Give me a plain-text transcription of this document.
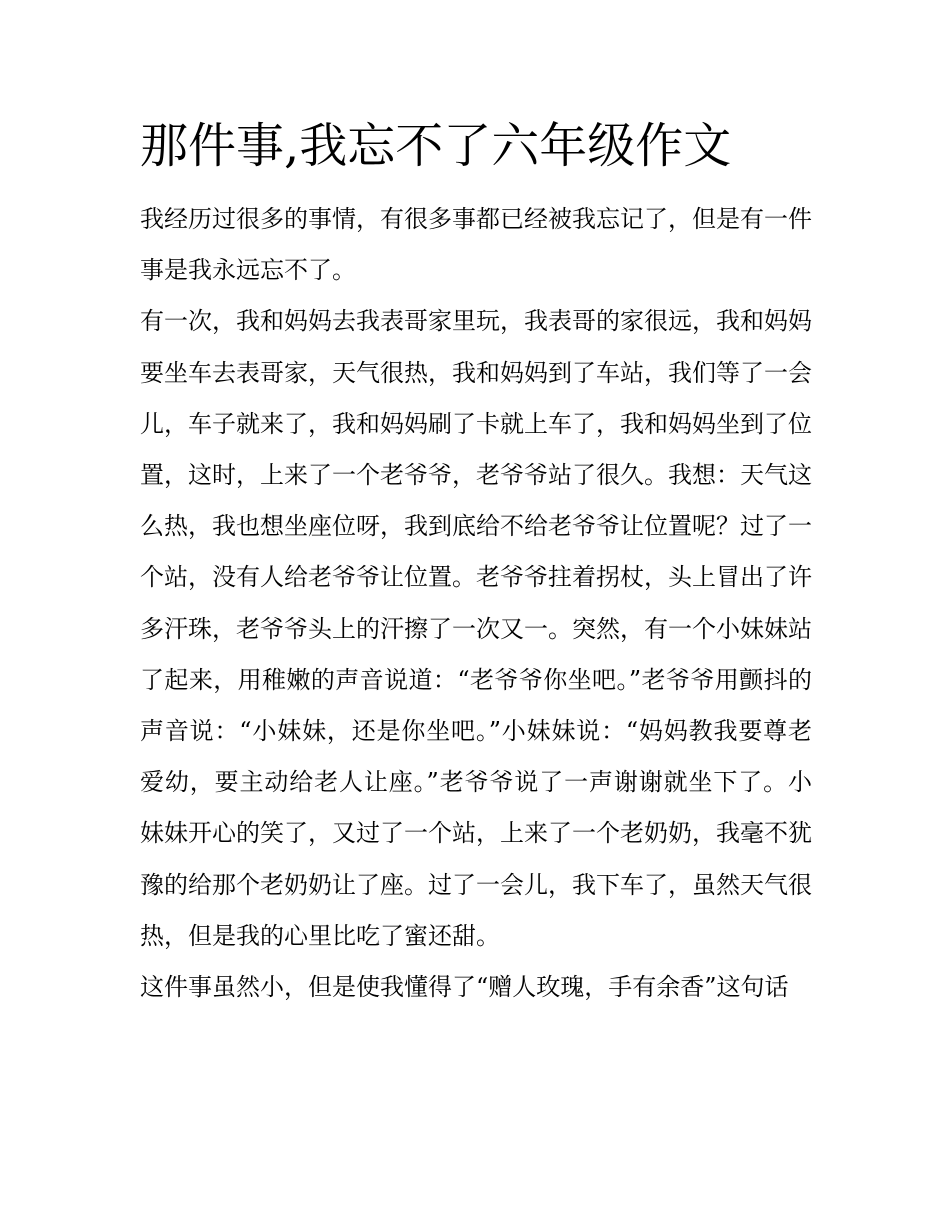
那件事,我忘不了六年级作文

我经历过很多的事情，有很多事都已经被我忘记了，但是有一件事是我永远忘不了。

有一次，我和妈妈去我表哥家里玩，我表哥的家很远，我和妈妈要坐车去表哥家，天气很热，我和妈妈到了车站，我们等了一会儿，车子就来了，我和妈妈刷了卡就上车了，我和妈妈坐到了位置，这时，上来了一个老爷爷，老爷爷站了很久。我想：天气这么热，我也想坐座位呀，我到底给不给老爷爷让位置呢？过了一个站，没有人给老爷爷让位置。老爷爷拄着拐杖，头上冒出了许多汗珠，老爷爷头上的汗擦了一次又一。突然，有一个小妹妹站了起来，用稚嫩的声音说道：“老爷爷你坐吧。”老爷爷用颤抖的声音说：“小妹妹，还是你坐吧。”小妹妹说：“妈妈教我要尊老爱幼，要主动给老人让座。”老爷爷说了一声谢谢就坐下了。小妹妹开心的笑了，又过了一个站，上来了一个老奶奶，我毫不犹豫的给那个老奶奶让了座。过了一会儿，我下车了，虽然天气很热，但是我的心里比吃了蜜还甜。

这件事虽然小，但是使我懂得了“赠人玫瑰，手有余香”这句话
